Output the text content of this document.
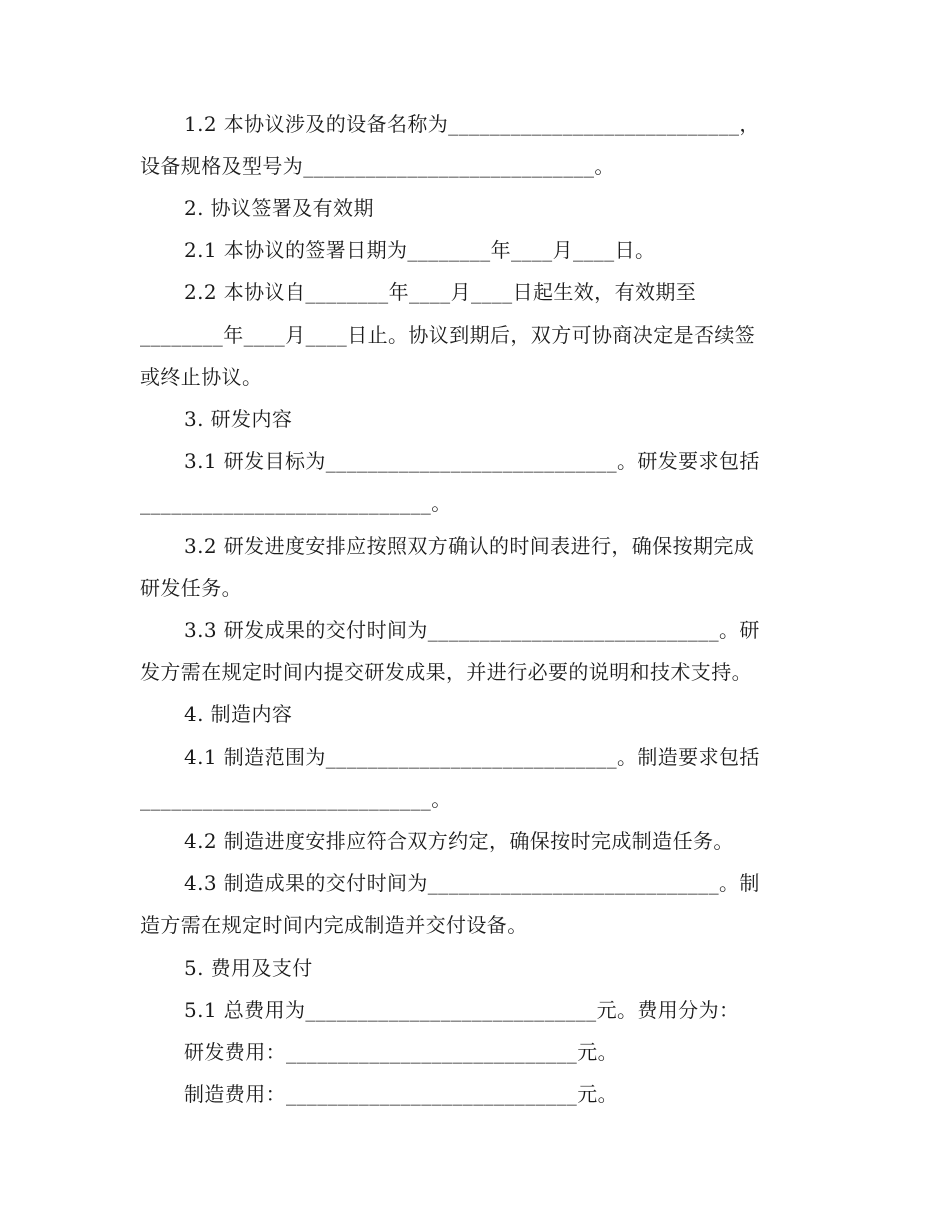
1.2 本协议涉及的设备名称为____________________________，
设备规格及型号为____________________________。
2. 协议签署及有效期
2.1 本协议的签署日期为________年____月____日。
2.2 本协议自________年____月____日起生效，有效期至
________年____月____日止。协议到期后，双方可协商决定是否续签
或终止协议。
3. 研发内容
3.1 研发目标为____________________________。研发要求包括
____________________________。
3.2 研发进度安排应按照双方确认的时间表进行，确保按期完成
研发任务。
3.3 研发成果的交付时间为____________________________。研
发方需在规定时间内提交研发成果，并进行必要的说明和技术支持。
4. 制造内容
4.1 制造范围为____________________________。制造要求包括
____________________________。
4.2 制造进度安排应符合双方约定，确保按时完成制造任务。
4.3 制造成果的交付时间为____________________________。制
造方需在规定时间内完成制造并交付设备。
5. 费用及支付
5.1 总费用为____________________________元。费用分为：
研发费用：____________________________元。
制造费用：____________________________元。
